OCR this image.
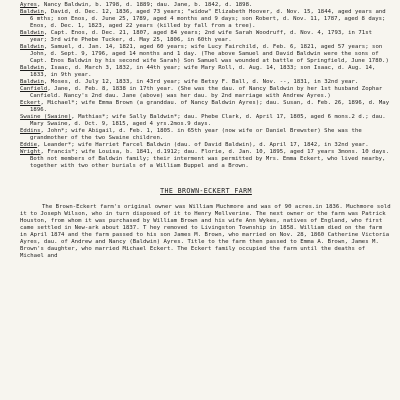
Ayres, Nancy Baldwin, b. 1798, d. 1889; dau. Jane, b. 1842, d. 1898.

Baldwin, David, d. Dec. 12, 1836, aged 73 years; "widow" Elizabeth Hoover, d. Nov. 15, 1844, aged years and 6 mths; son Enos, d. June 25, 1789, aged 4 months and 9 days; son Robert, d. Nov. 11, 1787, aged 8 days; Enos, d. Dec. 1, 1823, aged 22 years (killed by fall from a tree).

Baldwin, Capt. Enos, d. Dec. 21, 1807, aged 84 years; 2nd wife Sarah Woodruff, d. Nov. 4, 1793, in 71st year; 3rd wife Phebe Tucker, d. May 25, 1806, in 60th year.

Baldwin, Samuel, d. Jan. 14, 1821, aged 60 years; wife Lucy Fairchild, d. Feb. 6, 1821, aged 57 years; son John, d. Sept. 9, 1796, aged 14 months and 1 day. (The above Samuel and David Baldwin were the sons of Capt. Enos Baldwin by his second wife Sarah) Son Samuel was wounded at battle of Springfield, June 1780.)

Baldwin, Isaac, d. March 3, 1832, in 44th year; wife Mary Roll, d. Aug. 14, 1833; son Isaac, d. Aug. 14, 1833, in 9th year.

Baldwin, Moses, d. July 12, 1833, in 43rd year; wife Betsy F. Ball, d. Nov. --, 1831, in 32nd year.

Canfield, Jane, d. Feb. 8, 1838 in 17th year. (She was the dau. of Nancy Baldwin by her 1st husband Zophar Canfield. Nancy's 2nd dau. Jane (above) was her dau. by 2nd marriage with Andrew Ayres.)

Eckert, Michael*; wife Emma Brown (a granddau. of Nancy Baldwin Ayres); dau. Susan, d. Feb. 26, 1896, d. May 1896.

Swaine (Swaine), Mathias*; wife Sally Baldwin*; dau. Phebe Clark, d. April 17, 1805, aged 6 mons.2 d.; dau. Mary Swaine, d. Oct. 9, 1815, aged 4 yrs.2mos.9 days.

Eddins, John*; wife Abigail, d. Feb. 1, 1805. in 65th year (now wife or Daniel Brewster) She was the grandmother of the two Swaine children.

Eddie, Leander*; wife Harriet Farcel Baldwin (dau. of David Baldwin), d. April 17, 1842, in 32nd year.

Wright, Francis*; wife Louisa, b. 1841, d.1912; dau. Florie, d. Jan. 10, 1895, aged 17 years 3mons. 10 days. Both not members of Baldwin family; their interment was permitted by Mrs. Emma Eckert, who lived nearby, together with two other burials of a William Buppel and a Brown.

THE BROWN-ECKERT FARM

The Brown-Eckert farm's original owner was William Muchmore and was of 90 acres.in 1836. Muchmore sold it to Joseph Wilson, who in turn disposed of it to Henry Mellverine. The next owner or the farm was Patrick Houston, from whom it was purchased by William Brown and his wife Ann Wykes, natives of England, who first came settled in New-ark about 1837. T hey removed to Livingston Township in 1858. William died on the farm in April 1874 and the farm passed to his son James M. Brown, who married on Nov. 28, 1860 Catherine Victoria Ayres, dau. of Andrew and Nancy (Baldwin) Ayres. Title to the farm then passed to Emma A. Brown, James M. Brown's daughter, who married Michael Eckert. The Eckert family occupied the farm until the deaths of Michael and
